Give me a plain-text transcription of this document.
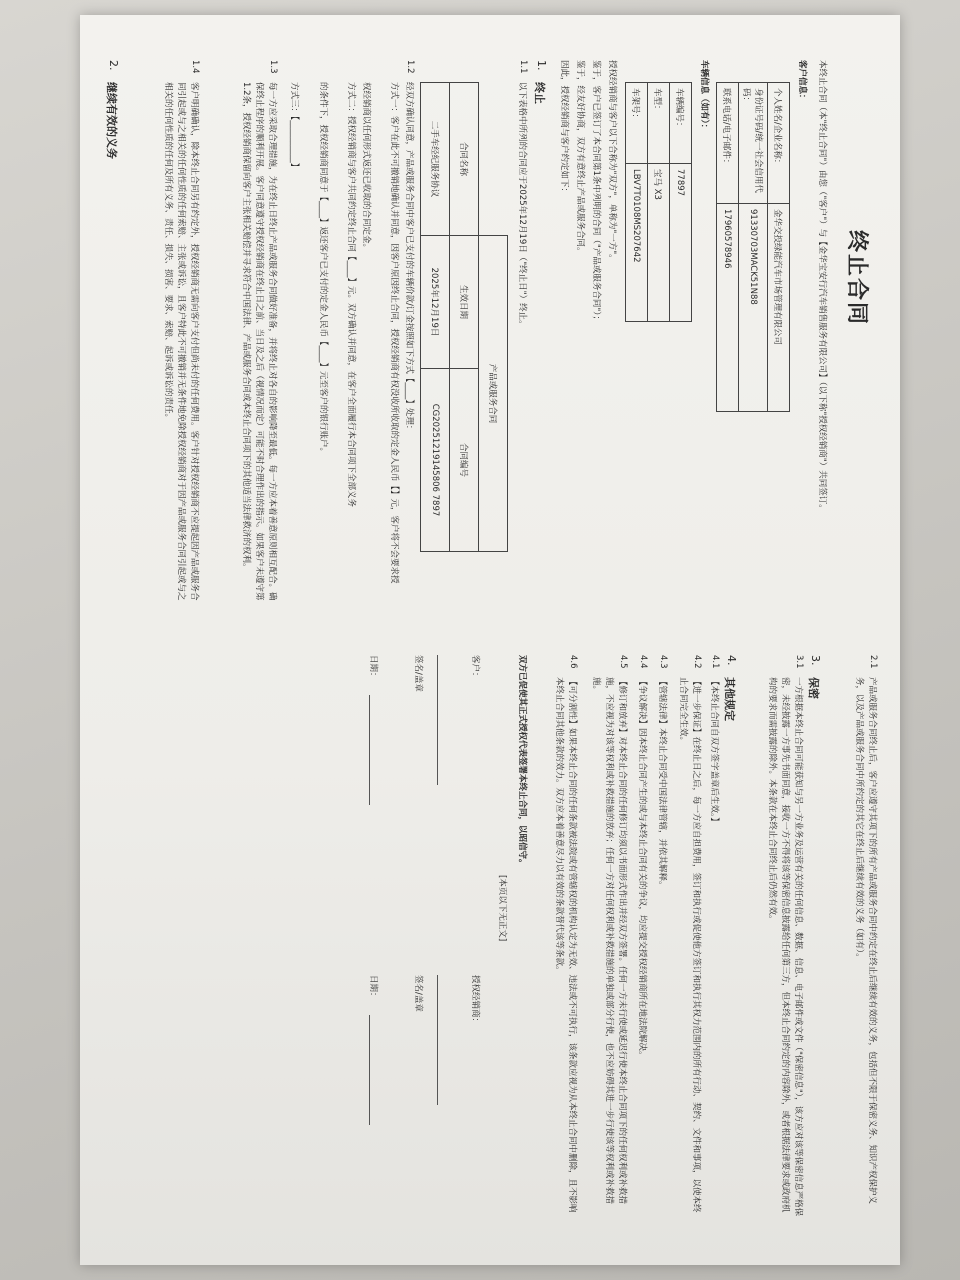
终止合同
本终止合同（本"终止合同"）由您（"客户"）与【金华宝安行汽车销售服务有限公司】（以下称"授权经销商"）共同签订。
客户信息：
个人姓名/企业名称：	金华交投绿能汽车市场管理有限公司
身份证号码/统一社会信用代码：	91330703MACK51N88
联系电话/电子邮件：	17960578946
车辆信息（如有）：
车辆编号：	77897
车型：	宝马 X3
车架号：	LBV7T0108MS207642
授权经销商与客户以下合称为"双方"，单称为"一方"。
鉴于，客户已签订了本合同第1条中列明的合同（"产品或服务合同"）；
鉴于，经友好协商，双方有意终止产品或服务合同。
因此，授权经销商与客户约定如下：
1.
终止
1.1
以下表格中所列的合同应于2025年12月19日（"终止日"）终止。
	产品或服务合同	
合同名称	生效日期	合同编号
二手车经纪服务协议	2025年12月19日	CG20251219145806 7897
1.2
经双方确认同意，产品或服务合同中客户已支付的车辆价款/订金按照如下方式【____】处理：
方式一：客户在此不可撤销地确认并同意，因客户原因终止合同，授权经销商有权没收所收取的定金人民币【】元，客户将不会要求授
权经销商以任何形式返还已收取的合同定金。
方式二：授权经销商与客户共同约定终止合同【____】元。双方确认并同意，在客户全面履行本合同项下全部义务
的条件下，授权经销商同意于【____】返还客户已支付的定金人民币【____】元至客户的银行账户。
方式三：【__________】
1.3
每一方应采取合理措施，为在终止日终止产品或服务合同做好准备，并将终止对各自的影响降至最低。每一方应本着善意原则相互配合。确保终止程序的顺利开展。客户同意遵守授权经销商在终止日之前、当日及之后（视情况而定）可能不时合理作出的指示。如果客户未遵守第1.2条，授权经销商保留向客户主张相关赔偿并寻求符合中国法律、产品或服务合同或本终止合同项下的其他适当法律救济的权利。
1.4
客户明确确认，除本终止合同另有约定外，授权经销商无需向客户支付但尚未付的任何费用。客户针对授权经销商不应提起因产品或服务合同引起或与之相关的任何性质的任何索赔、主张或诉讼，且客户特此不可撤销并无条件地免除授权经销商对于因产品或服务合同引起或与之相关的任何性质的任何及所有义务、责任、损失、损害、要求、索赔、起诉或诉讼的责任。
2.
继续有效的义务
2.1
产品或服务合同终止后，客户应遵守其项下的所有产品或服务合同中约定在终止后继续有效的义务，包括但不限于保密义务、知识产权保护义务，以及产品或服务合同中所约定的其它在终止后继续有效的义务（如有）。
3.
保密
3.1
一方根据本终止合同可能获知与另一方业务及运营有关的任何信息、数据、信息、电子邮件或文件（"保密信息"），该方应对该等保密信息严格保密，未经披露一方事先书面同意，接收一方不得将该等保密信息披露给任何第三方，但本终止合同约定的内容除外，或者根据法律要求或政府机构的要求而需披露的除外。本条款在本终止合同终止后仍然有效。
4.
其他规定
4.1
【本终止合同自双方签字盖章后生效。】
4.2
【进一步保证】在终止日之后，每一方应自担费用，签订和执行或促使他方签订和执行其权力范围内的所有行动、契约、文件和事项，以使本终止合同完全生效。
4.3
【管辖法律】本终止合同受中国法律管辖，并依其解释。
4.4
【争议解决】因本终止合同产生的或与本终止合同有关的争议，均应提交授权经销商所在地法院解决。
4.5
【修订和放弃】对本终止合同的任何修订均须以书面形式作出并经双方签署。任何一方未行使或延迟行使本终止合同项下的任何权利或补救措施，不应视为对该等权利或补救措施的放弃；任何一方对任何权利或补救措施的单独或部分行使，也不应妨碍其进一步行使该等权利或补救措施。
4.6
【可分割性】如果本终止合同的任何条款被法院或有管辖权的机构认定为无效、违法或不可执行，该条款应视为从本终止合同中删除，且不影响本终止合同其他条款的效力。双方应本着善意尽力以有效的条款替代该等条款。
双方已促使其正式授权代表签署本终止合同，以昭信守。
[本页以下无正文]
客户：
授权经销商：
签名/盖章
签名/盖章
日期：
日期：
